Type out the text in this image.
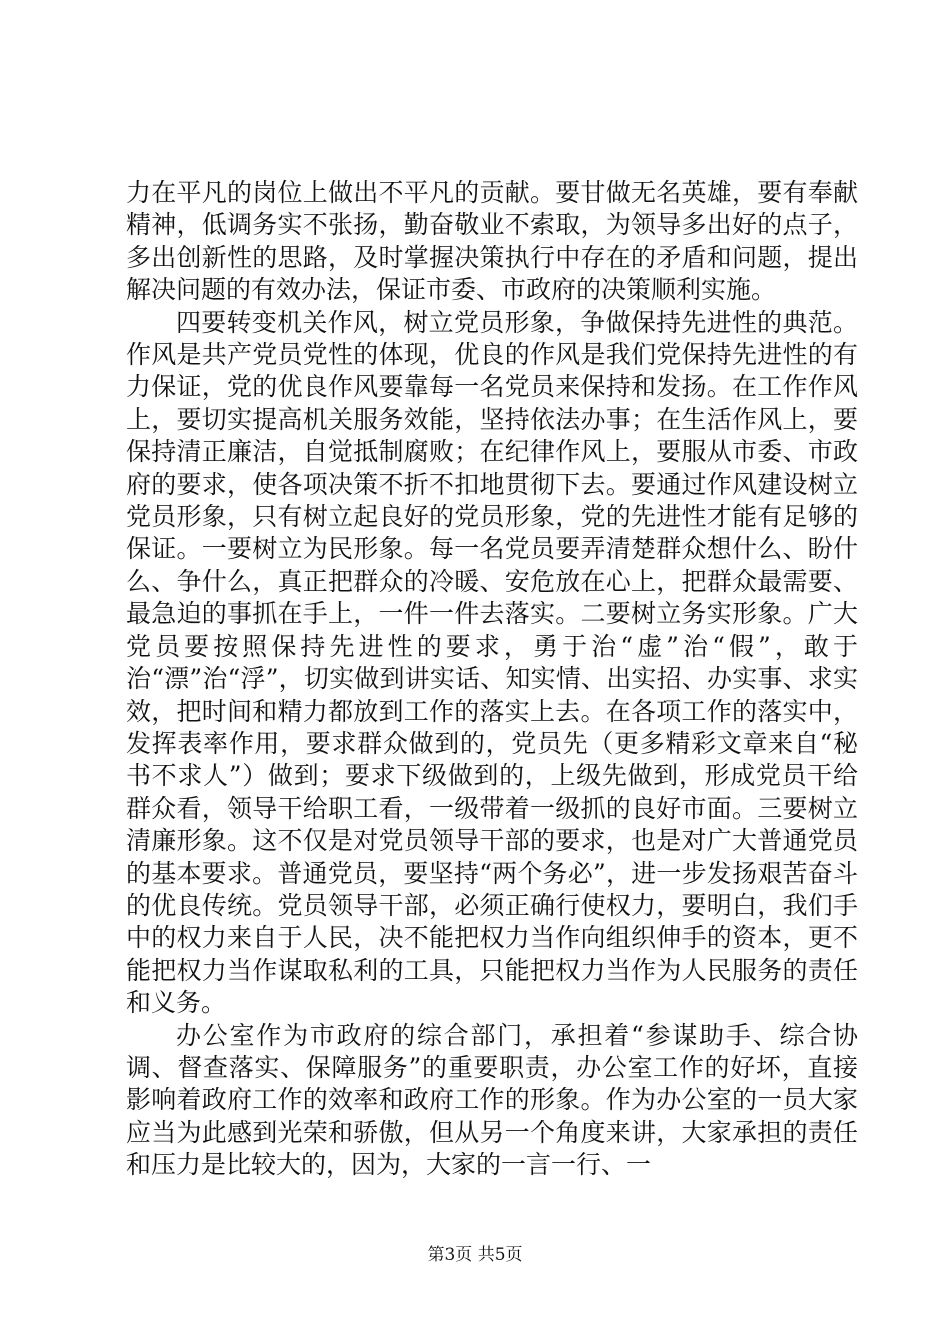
力在平凡的岗位上做出不平凡的贡献。要甘做无名英雄，要有奉献精神，低调务实不张扬，勤奋敬业不索取，为领导多出好的点子，多出创新性的思路，及时掌握决策执行中存在的矛盾和问题，提出解决问题的有效办法，保证市委、市政府的决策顺利实施。

四要转变机关作风，树立党员形象，争做保持先进性的典范。作风是共产党员党性的体现，优良的作风是我们党保持先进性的有力保证，党的优良作风要靠每一名党员来保持和发扬。在工作作风上，要切实提高机关服务效能，坚持依法办事；在生活作风上，要保持清正廉洁，自觉抵制腐败；在纪律作风上，要服从市委、市政府的要求，使各项决策不折不扣地贯彻下去。要通过作风建设树立党员形象，只有树立起良好的党员形象，党的先进性才能有足够的保证。一要树立为民形象。每一名党员要弄清楚群众想什么、盼什么、争什么，真正把群众的冷暖、安危放在心上，把群众最需要、最急迫的事抓在手上，一件一件去落实。二要树立务实形象。广大党员要按照保持先进性的要求，勇于治“虚”治“假”，敢于治“漂”治“浮”，切实做到讲实话、知实情、出实招、办实事、求实效，把时间和精力都放到工作的落实上去。在各项工作的落实中，发挥表率作用，要求群众做到的，党员先（更多精彩文章来自“秘书不求人”）做到；要求下级做到的，上级先做到，形成党员干给群众看，领导干给职工看，一级带着一级抓的良好市面。三要树立清廉形象。这不仅是对党员领导干部的要求，也是对广大普通党员的基本要求。普通党员，要坚持“两个务必”，进一步发扬艰苦奋斗的优良传统。党员领导干部，必须正确行使权力，要明白，我们手中的权力来自于人民，决不能把权力当作向组织伸手的资本，更不能把权力当作谋取私利的工具，只能把权力当作为人民服务的责任和义务。

办公室作为市政府的综合部门，承担着“参谋助手、综合协调、督查落实、保障服务”的重要职责，办公室工作的好坏，直接影响着政府工作的效率和政府工作的形象。作为办公室的一员大家应当为此感到光荣和骄傲，但从另一个角度来讲，大家承担的责任和压力是比较大的，因为，大家的一言一行、一

第3页 共5页
